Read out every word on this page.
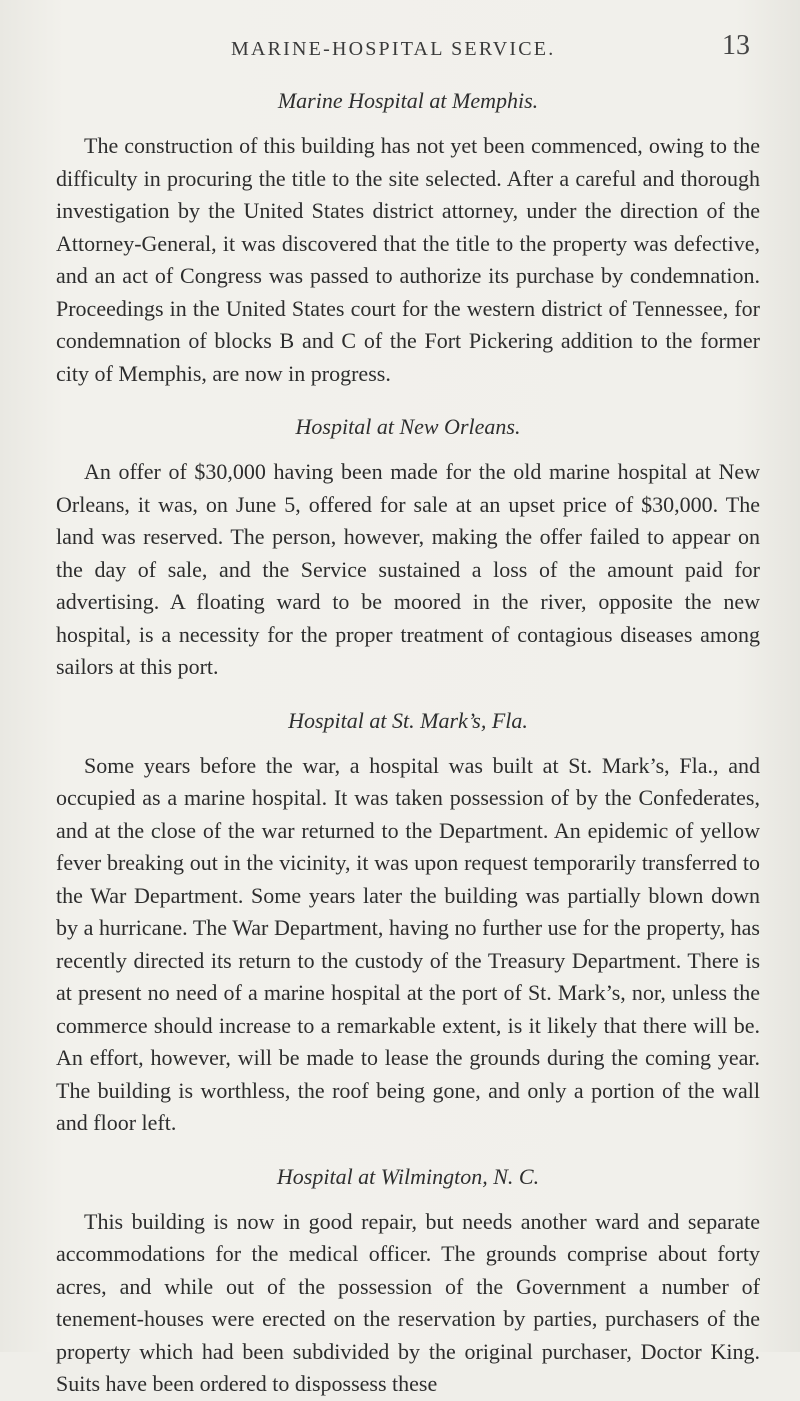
MARINE-HOSPITAL SERVICE.	13
Marine Hospital at Memphis.

The construction of this building has not yet been commenced, owing to the difficulty in procuring the title to the site selected. After a careful and thorough investigation by the United States district attorney, under the direction of the Attorney-General, it was discovered that the title to the property was defective, and an act of Congress was passed to authorize its purchase by condemnation. Proceedings in the United States court for the western district of Tennessee, for condemnation of blocks B and C of the Fort Pickering addition to the former city of Memphis, are now in progress.

Hospital at New Orleans.

An offer of $30,000 having been made for the old marine hospital at New Orleans, it was, on June 5, offered for sale at an upset price of $30,000. The land was reserved. The person, however, making the offer failed to appear on the day of sale, and the Service sustained a loss of the amount paid for advertising. A floating ward to be moored in the river, opposite the new hospital, is a necessity for the proper treatment of contagious diseases among sailors at this port.

Hospital at St. Mark’s, Fla.

Some years before the war, a hospital was built at St. Mark’s, Fla., and occupied as a marine hospital. It was taken possession of by the Confederates, and at the close of the war returned to the Department. An epidemic of yellow fever breaking out in the vicinity, it was upon request temporarily transferred to the War Department. Some years later the building was partially blown down by a hurricane. The War Department, having no further use for the property, has recently directed its return to the custody of the Treasury Department. There is at present no need of a marine hospital at the port of St. Mark’s, nor, unless the commerce should increase to a remarkable extent, is it likely that there will be. An effort, however, will be made to lease the grounds during the coming year. The building is worthless, the roof being gone, and only a portion of the wall and floor left.

Hospital at Wilmington, N. C.

This building is now in good repair, but needs another ward and separate accommodations for the medical officer. The grounds comprise about forty acres, and while out of the possession of the Government a number of tenement-houses were erected on the reservation by parties, purchasers of the property which had been subdivided by the original purchaser, Doctor King. Suits have been ordered to dispossess these
